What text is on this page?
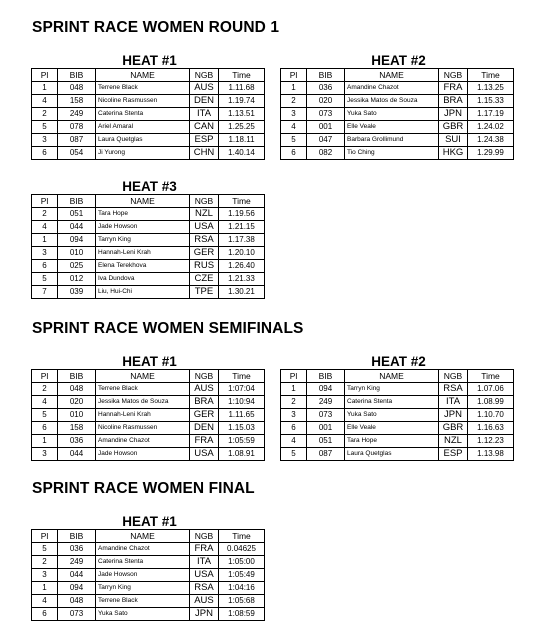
SPRINT RACE WOMEN ROUND 1
HEAT #1
Pl	BIB	NAME	NGB	Time
1	048	Terrene Black	AUS	1.11.68
4	158	Nicoline Rasmussen	DEN	1.19.74
2	249	Caterina Stenta	ITA	1.13.51
5	078	Ariel Amaral	CAN	1.25.25
3	087	Laura Quetglas	ESP	1.18.11
6	054	Ji Yurong	CHN	1.40.14
HEAT #2
Pl	BIB	NAME	NGB	Time
1	036	Amandine Chazot	FRA	1.13.25
2	020	Jessika Matos de Souza	BRA	1.15.33
3	073	Yuka Sato	JPN	1.17.19
4	001	Elle Veale	GBR	1.24.02
5	047	Barbara Grollimund	SUI	1.24.38
6	082	Tio Ching	HKG	1.29.99
HEAT #3
Pl	BIB	NAME	NGB	Time
2	051	Tara Hope	NZL	1.19.56
4	044	Jade Howson	USA	1.21.15
1	094	Tarryn King	RSA	1.17.38
3	010	Hannah-Leni Krah	GER	1.20.10
6	025	Elena Terekhova	RUS	1.26.40
5	012	Iva Dundova	CZE	1.21.33
7	039	Liu, Hui-Chi	TPE	1.30.21
SPRINT RACE WOMEN SEMIFINALS
HEAT #1
Pl	BIB	NAME	NGB	Time
2	048	Terrene Black	AUS	1:07:04
4	020	Jessika Matos de Souza	BRA	1:10:94
5	010	Hannah-Leni Krah	GER	1.11.65
6	158	Nicoline Rasmussen	DEN	1.15.03
1	036	Amandine Chazot	FRA	1:05:59
3	044	Jade Howson	USA	1.08.91
HEAT #2
Pl	BIB	NAME	NGB	Time
1	094	Tarryn King	RSA	1.07.06
2	249	Caterina Stenta	ITA	1.08.99
3	073	Yuka Sato	JPN	1.10.70
6	001	Elle Veale	GBR	1.16.63
4	051	Tara Hope	NZL	1.12.23
5	087	Laura Quetglas	ESP	1.13.98
SPRINT RACE WOMEN FINAL
HEAT #1
Pl	BIB	NAME	NGB	Time
5	036	Amandine Chazot	FRA	0.04625
2	249	Caterina Stenta	ITA	1:05:00
3	044	Jade Howson	USA	1:05:49
1	094	Tarryn King	RSA	1:04:16
4	048	Terrene Black	AUS	1:05:68
6	073	Yuka Sato	JPN	1:08:59
